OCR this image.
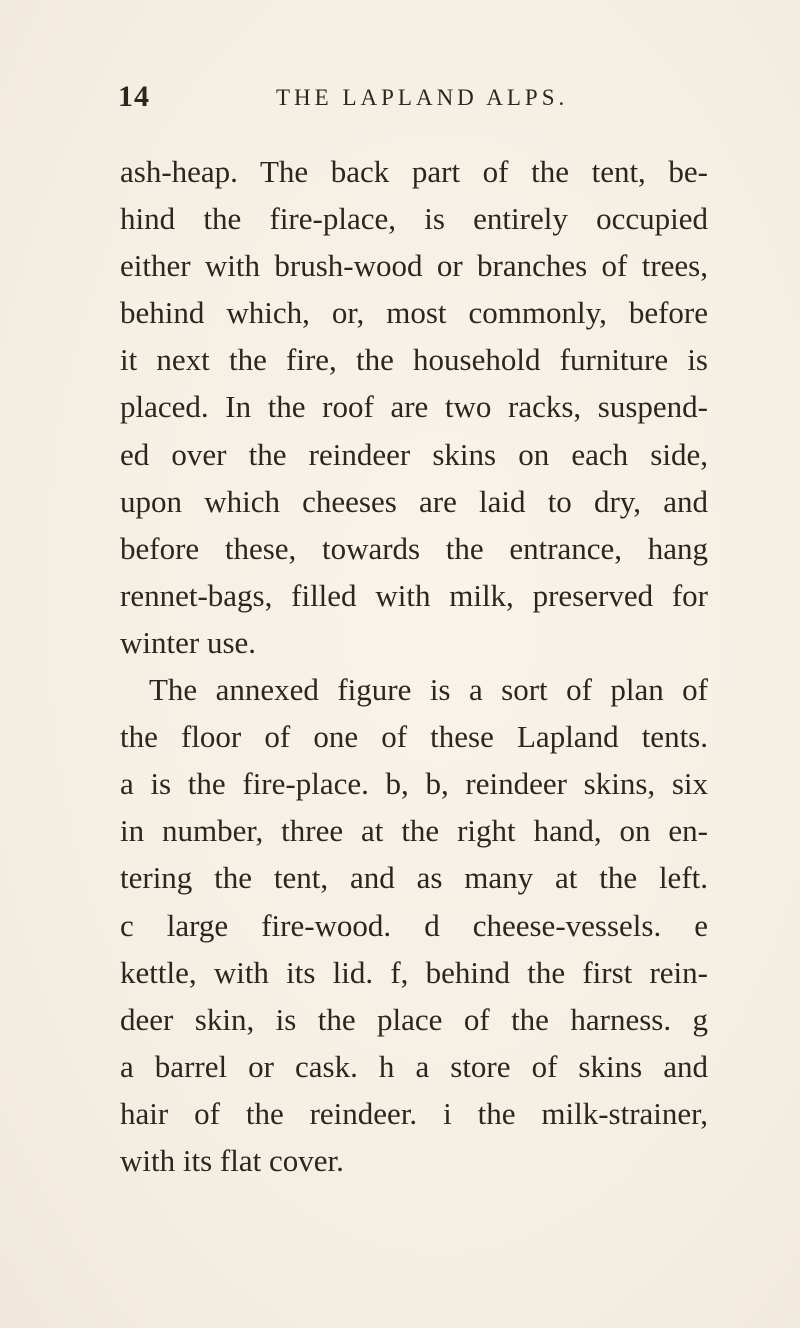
14	THE LAPLAND ALPS.
ash-heap. The back part of the tent, be-
hind the fire-place, is entirely occupied
either with brush-wood or branches of trees,
behind which, or, most commonly, before
it next the fire, the household furniture is
placed. In the roof are two racks, suspend-
ed over the reindeer skins on each side,
upon which cheeses are laid to dry, and
before these, towards the entrance, hang
rennet-bags, filled with milk, preserved for
winter use.
The annexed figure is a sort of plan of
the floor of one of these Lapland tents.
a is the fire-place. b, b, reindeer skins, six
in number, three at the right hand, on en-
tering the tent, and as many at the left.
c large fire-wood. d cheese-vessels. e
kettle, with its lid. f, behind the first rein-
deer skin, is the place of the harness. g
a barrel or cask. h a store of skins and
hair of the reindeer. i the milk-strainer,
with its flat cover.
